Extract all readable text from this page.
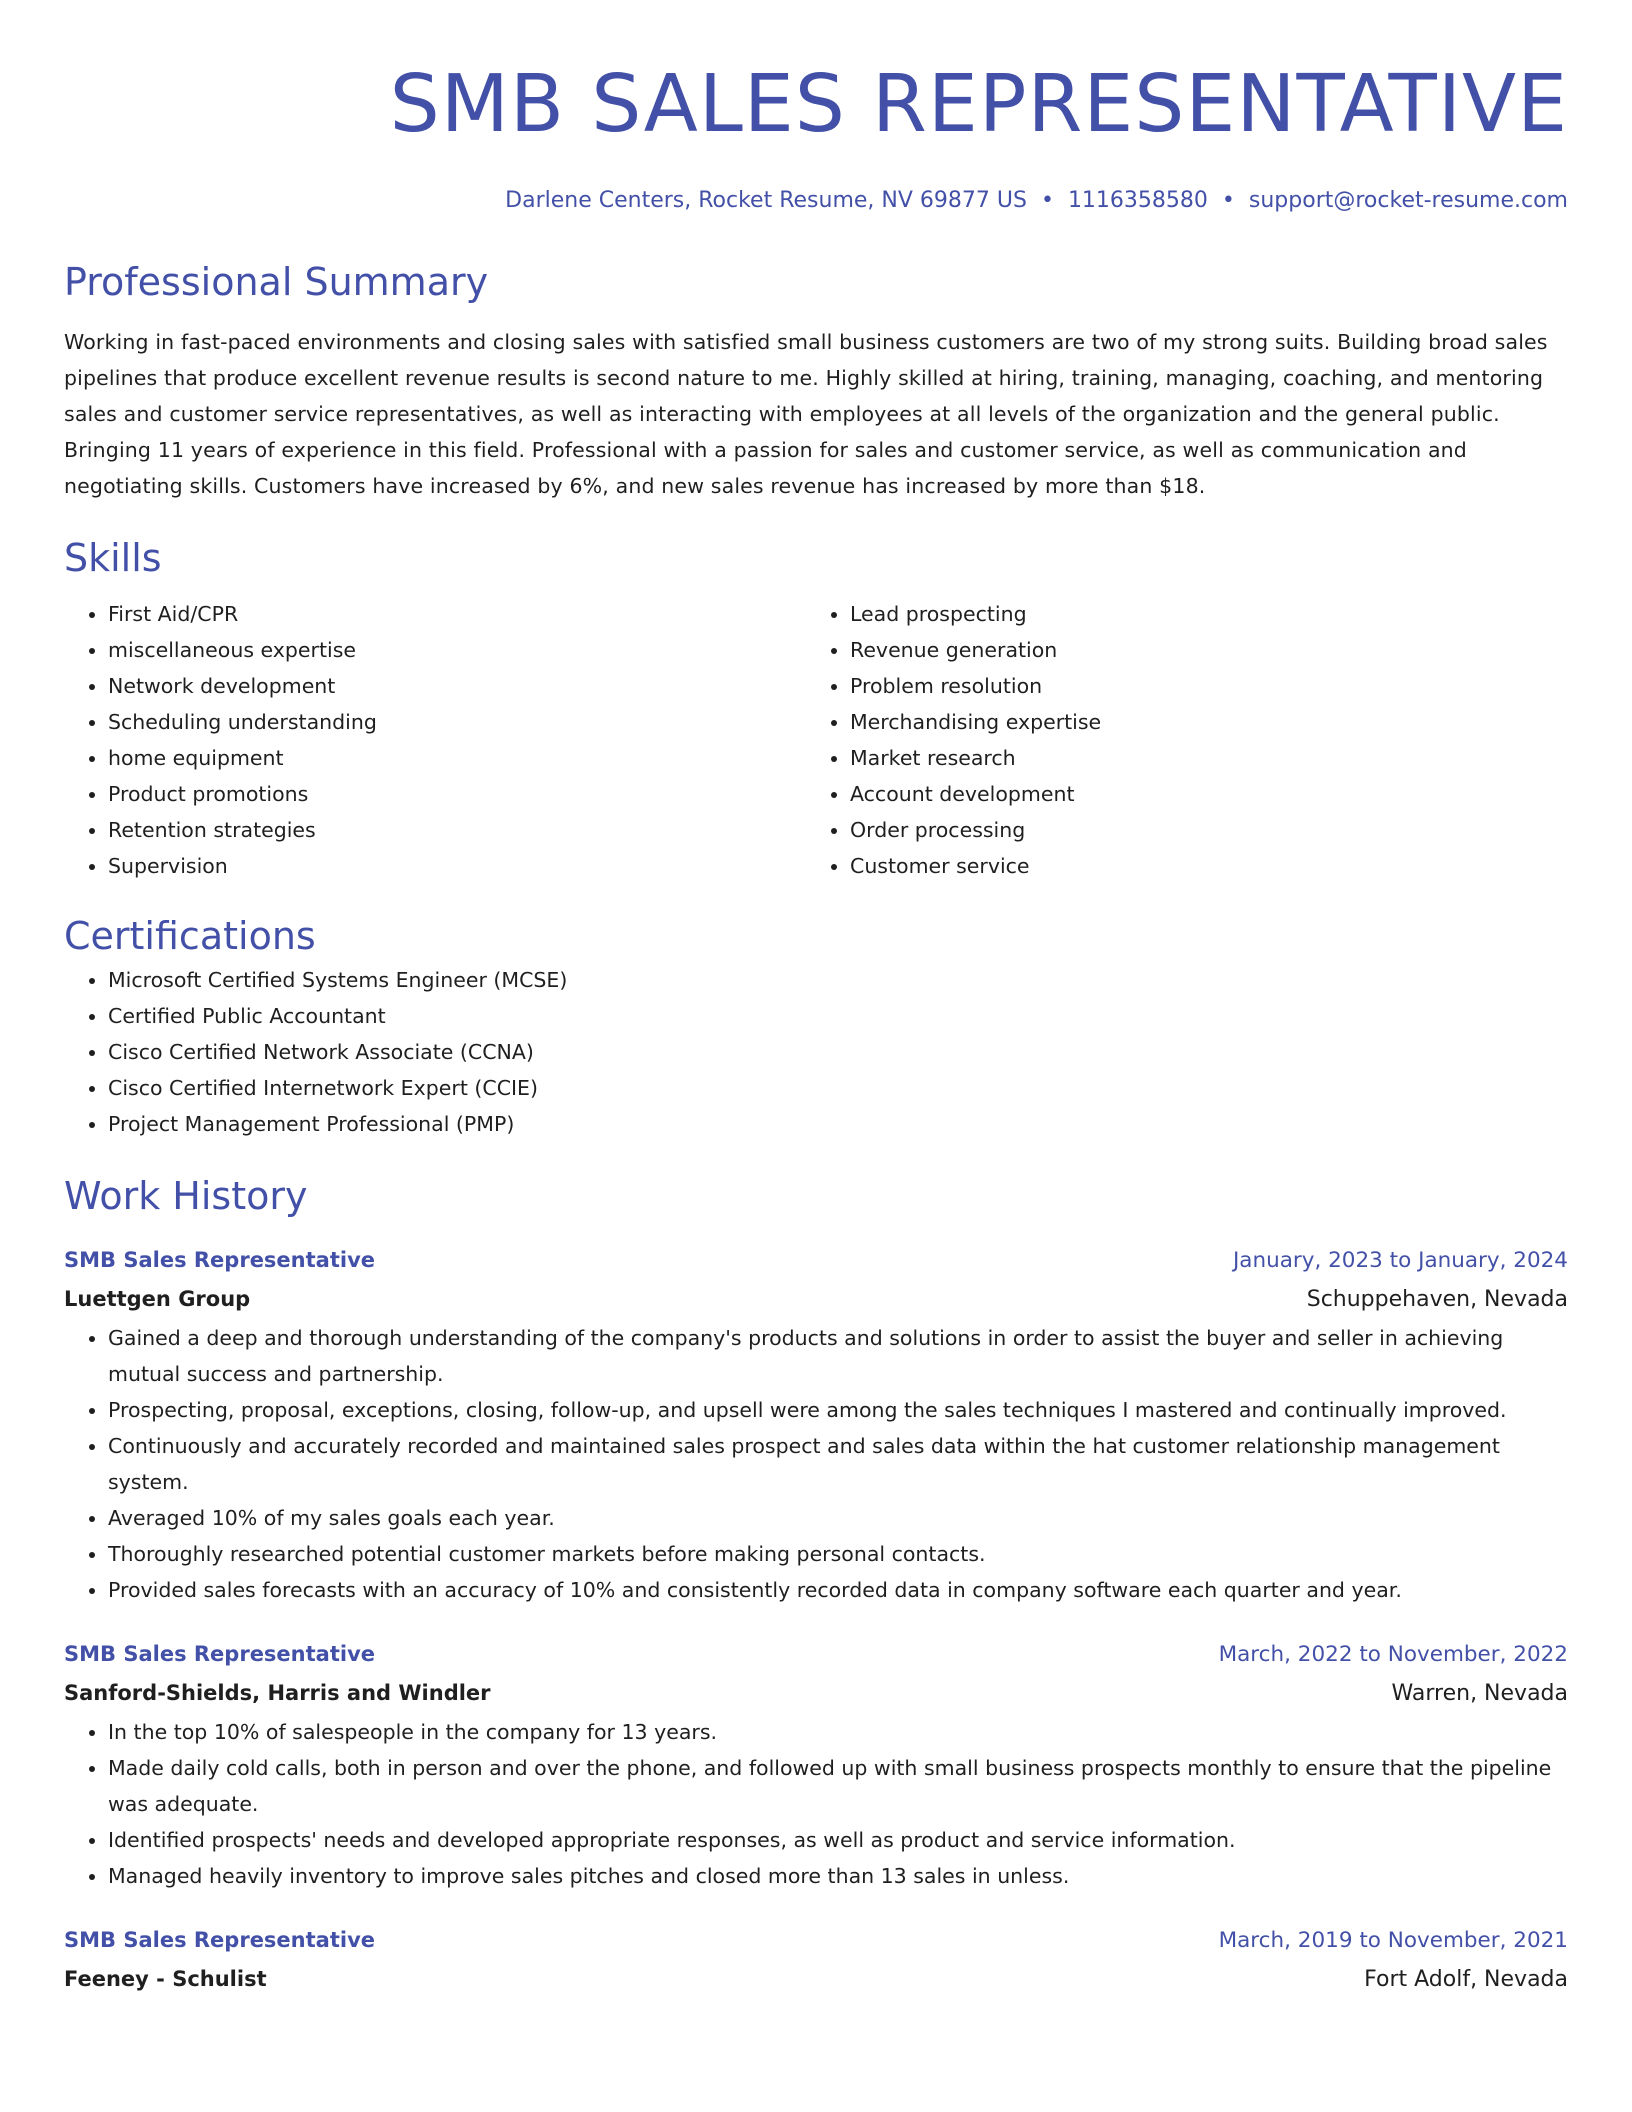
SMB SALES REPRESENTATIVE
Darlene Centers, Rocket Resume, NV 69877 US • 1116358580 • support@rocket-resume.com
Professional Summary

Working in fast-paced environments and closing sales with satisfied small business customers are two of my strong suits. Building broad sales pipelines that produce excellent revenue results is second nature to me. Highly skilled at hiring, training, managing, coaching, and mentoring sales and customer service representatives, as well as interacting with employees at all levels of the organization and the general public. Bringing 11 years of experience in this field. Professional with a passion for sales and customer service, as well as communication and negotiating skills. Customers have increased by 6%, and new sales revenue has increased by more than $18.

Skills
• First Aid/CPR
• miscellaneous expertise
• Network development
• Scheduling understanding
• home equipment
• Product promotions
• Retention strategies
• Supervision
• Lead prospecting
• Revenue generation
• Problem resolution
• Merchandising expertise
• Market research
• Account development
• Order processing
• Customer service
Certifications
• Microsoft Certified Systems Engineer (MCSE)
• Certified Public Accountant
• Cisco Certified Network Associate (CCNA)
• Cisco Certified Internetwork Expert (CCIE)
• Project Management Professional (PMP)
Work History
SMB Sales Representative	January, 2023 to January, 2024
Luettgen Group	Schuppehaven, Nevada
• Gained a deep and thorough understanding of the company's products and solutions in order to assist the buyer and seller in achieving mutual success and partnership.
• Prospecting, proposal, exceptions, closing, follow-up, and upsell were among the sales techniques I mastered and continually improved.
• Continuously and accurately recorded and maintained sales prospect and sales data within the hat customer relationship management system.
• Averaged 10% of my sales goals each year.
• Thoroughly researched potential customer markets before making personal contacts.
• Provided sales forecasts with an accuracy of 10% and consistently recorded data in company software each quarter and year.
SMB Sales Representative	March, 2022 to November, 2022
Sanford-Shields, Harris and Windler	Warren, Nevada
• In the top 10% of salespeople in the company for 13 years.
• Made daily cold calls, both in person and over the phone, and followed up with small business prospects monthly to ensure that the pipeline was adequate.
• Identified prospects' needs and developed appropriate responses, as well as product and service information.
• Managed heavily inventory to improve sales pitches and closed more than 13 sales in unless.
SMB Sales Representative	March, 2019 to November, 2021
Feeney - Schulist	Fort Adolf, Nevada
